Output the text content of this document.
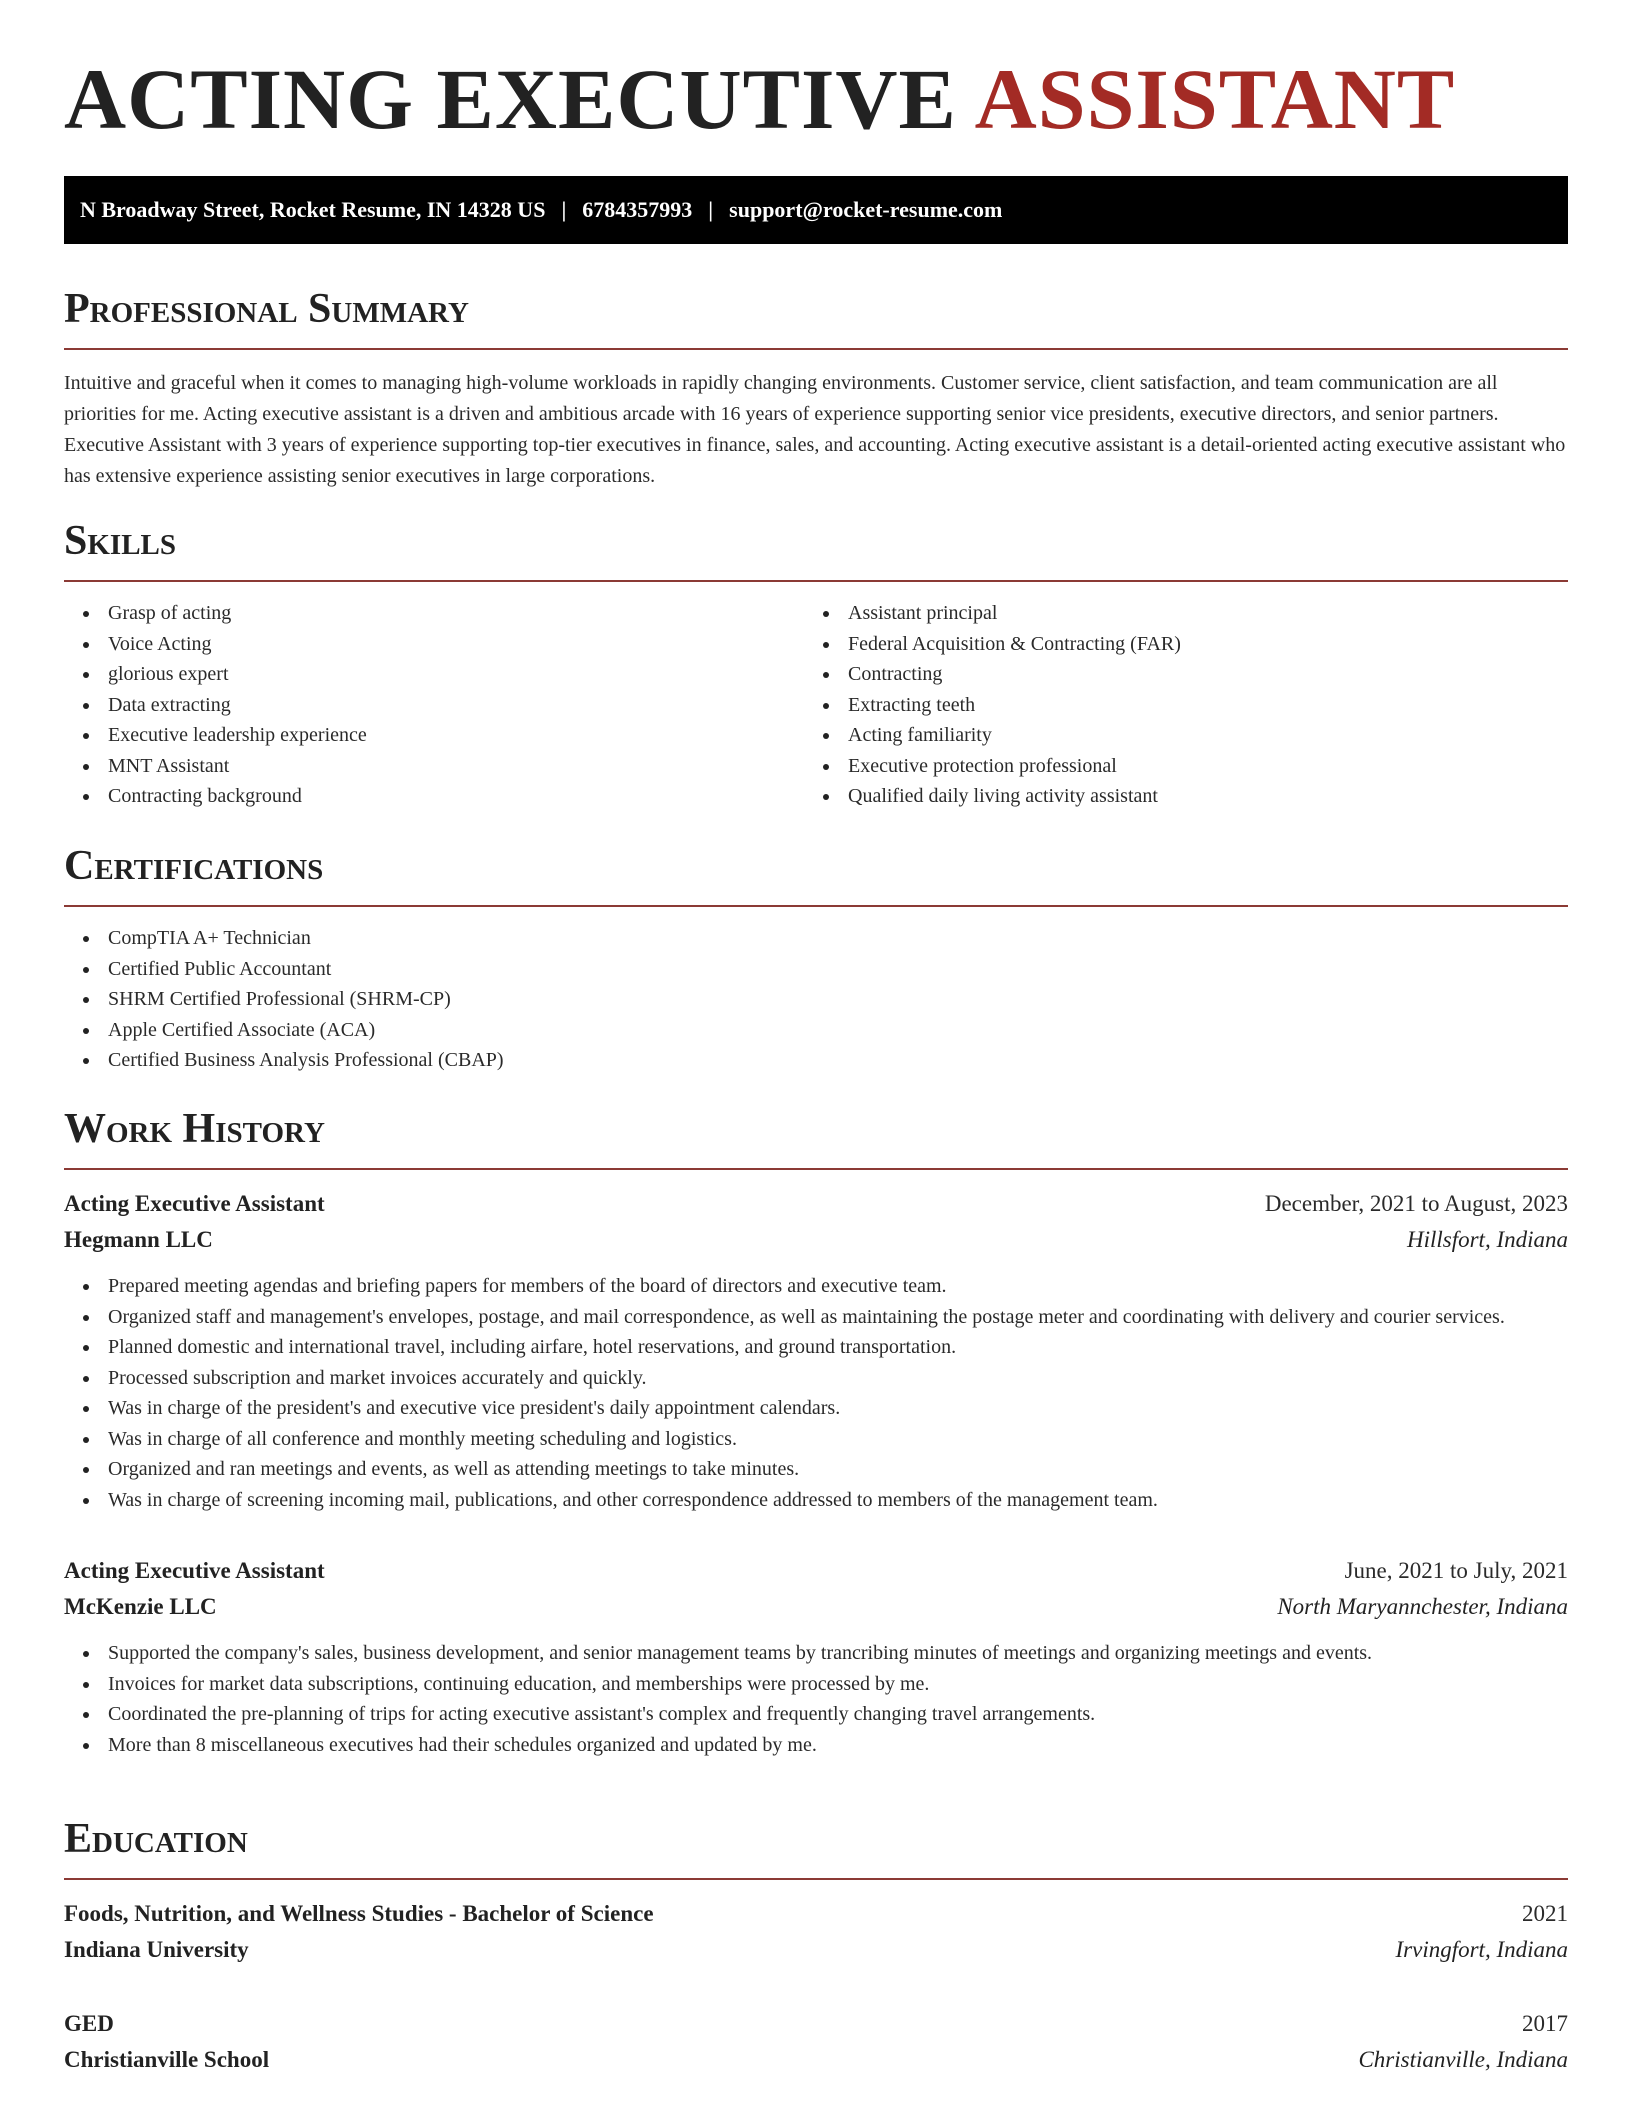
ACTING EXECUTIVE ASSISTANT
N Broadway Street, Rocket Resume, IN 14328 US | 6784357993 | support@rocket-resume.com
Professional Summary

Intuitive and graceful when it comes to managing high-volume workloads in rapidly changing environments. Customer service, client satisfaction, and team communication are all priorities for me. Acting executive assistant is a driven and ambitious arcade with 16 years of experience supporting senior vice presidents, executive directors, and senior partners. Executive Assistant with 3 years of experience supporting top-tier executives in finance, sales, and accounting. Acting executive assistant is a detail-oriented acting executive assistant who has extensive experience assisting senior executives in large corporations.

Skills
Grasp of acting
Voice Acting
glorious expert
Data extracting
Executive leadership experience
MNT Assistant
Contracting background
Assistant principal
Federal Acquisition & Contracting (FAR)
Contracting
Extracting teeth
Acting familiarity
Executive protection professional
Qualified daily living activity assistant
Certifications
CompTIA A+ Technician
Certified Public Accountant
SHRM Certified Professional (SHRM-CP)
Apple Certified Associate (ACA)
Certified Business Analysis Professional (CBAP)
Work History
Acting Executive Assistant	December, 2021 to August, 2023
Hegmann LLC	Hillsfort, Indiana
Prepared meeting agendas and briefing papers for members of the board of directors and executive team.
Organized staff and management's envelopes, postage, and mail correspondence, as well as maintaining the postage meter and coordinating with delivery and courier services.
Planned domestic and international travel, including airfare, hotel reservations, and ground transportation.
Processed subscription and market invoices accurately and quickly.
Was in charge of the president's and executive vice president's daily appointment calendars.
Was in charge of all conference and monthly meeting scheduling and logistics.
Organized and ran meetings and events, as well as attending meetings to take minutes.
Was in charge of screening incoming mail, publications, and other correspondence addressed to members of the management team.
Acting Executive Assistant	June, 2021 to July, 2021
McKenzie LLC	North Maryannchester, Indiana
Supported the company's sales, business development, and senior management teams by trancribing minutes of meetings and organizing meetings and events.
Invoices for market data subscriptions, continuing education, and memberships were processed by me.
Coordinated the pre-planning of trips for acting executive assistant's complex and frequently changing travel arrangements.
More than 8 miscellaneous executives had their schedules organized and updated by me.
Education
Foods, Nutrition, and Wellness Studies - Bachelor of Science	2021
Indiana University	Irvingfort, Indiana
GED	2017
Christianville School	Christianville, Indiana
